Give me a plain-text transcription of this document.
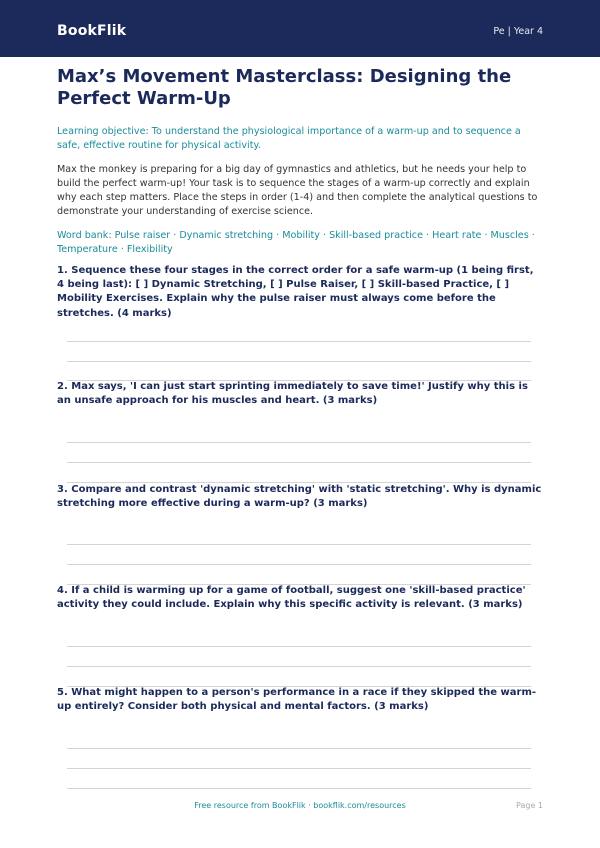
BookFlik	Pe | Year 4
Max’s Movement Masterclass: Designing the Perfect Warm-Up
Learning objective: To understand the physiological importance of a warm-up and to sequence a safe, effective routine for physical activity.
Max the monkey is preparing for a big day of gymnastics and athletics, but he needs your help to build the perfect warm-up! Your task is to sequence the stages of a warm-up correctly and explain why each step matters. Place the steps in order (1-4) and then complete the analytical questions to demonstrate your understanding of exercise science.
Word bank: Pulse raiser · Dynamic stretching · Mobility · Skill-based practice · Heart rate · Muscles · Temperature · Flexibility
1. Sequence these four stages in the correct order for a safe warm-up (1 being first, 4 being last): [ ] Dynamic Stretching, [ ] Pulse Raiser, [ ] Skill-based Practice, [ ] Mobility Exercises. Explain why the pulse raiser must always come before the stretches. (4 marks)
2. Max says, 'I can just start sprinting immediately to save time!' Justify why this is an unsafe approach for his muscles and heart. (3 marks)
3. Compare and contrast 'dynamic stretching' with 'static stretching'. Why is dynamic stretching more effective during a warm-up? (3 marks)
4. If a child is warming up for a game of football, suggest one 'skill-based practice' activity they could include. Explain why this specific activity is relevant. (3 marks)
5. What might happen to a person's performance in a race if they skipped the warm-up entirely? Consider both physical and mental factors. (3 marks)
Free resource from BookFlik · bookflik.com/resources	Page 1
